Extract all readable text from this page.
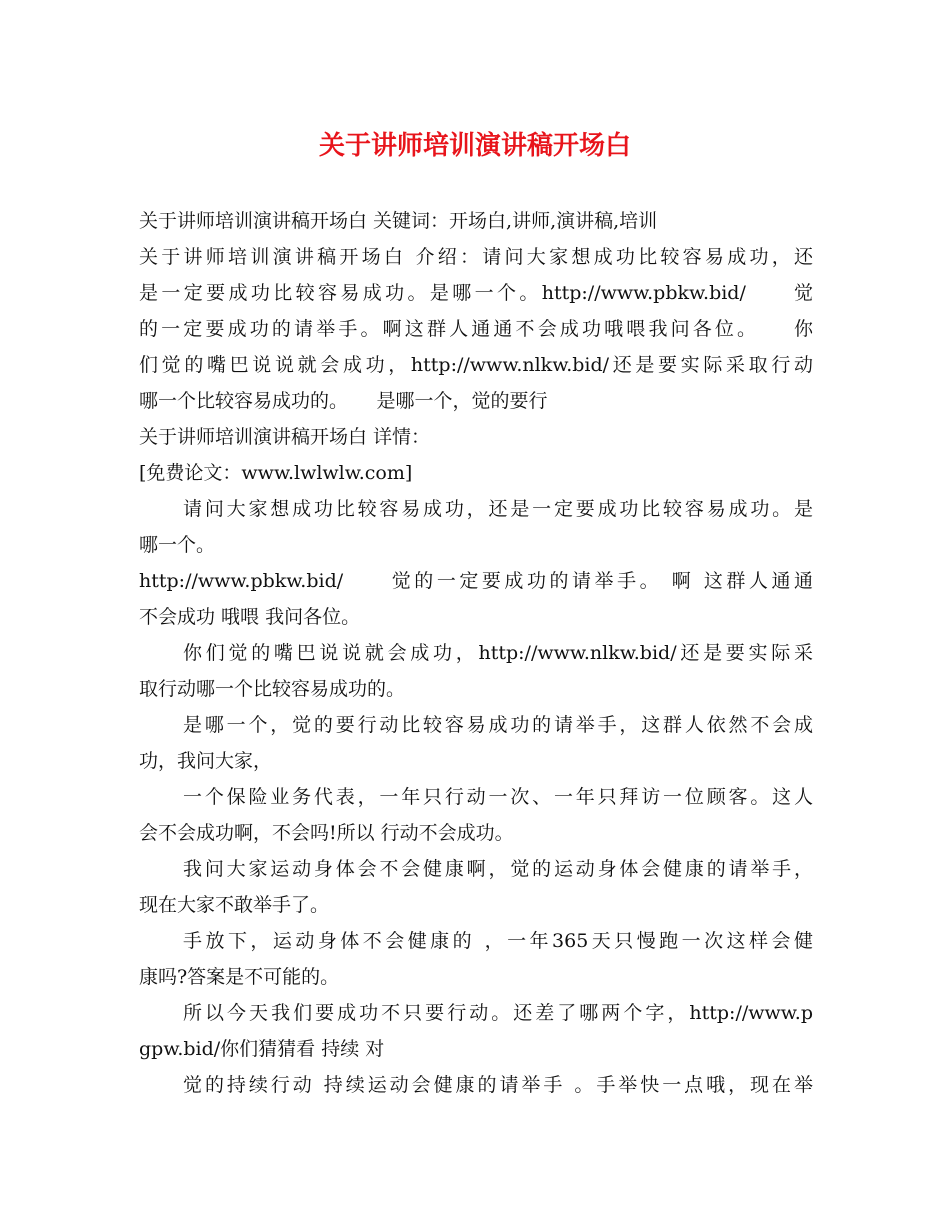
关于讲师培训演讲稿开场白
关于讲师培训演讲稿开场白 关键词：开场白,讲师,演讲稿,培训
关于讲师培训演讲稿开场白 介绍：请问大家想成功比较容易成功，还
是一定要成功比较容易成功。是哪一个。http://www.pbkw.bid/　　觉
的一定要成功的请举手。啊这群人通通不会成功哦喂我问各位。　　你
们觉的嘴巴说说就会成功，http://www.nlkw.bid/还是要实际采取行动
哪一个比较容易成功的。　　是哪一个，觉的要行
关于讲师培训演讲稿开场白 详情：
[免费论文：www.lwlwlw.com]
请问大家想成功比较容易成功，还是一定要成功比较容易成功。是
哪一个。
http://www.pbkw.bid/　　觉的一定要成功的请举手。 啊 这群人通通
不会成功 哦喂 我问各位。
你们觉的嘴巴说说就会成功，http://www.nlkw.bid/还是要实际采
取行动哪一个比较容易成功的。
是哪一个，觉的要行动比较容易成功的请举手，这群人依然不会成
功，我问大家，
一个保险业务代表，一年只行动一次、一年只拜访一位顾客。这人
会不会成功啊，不会吗!所以 行动不会成功。
我问大家运动身体会不会健康啊，觉的运动身体会健康的请举手，
现在大家不敢举手了。
手放下，运动身体不会健康的 ，一年365天只慢跑一次这样会健
康吗?答案是不可能的。
所以今天我们要成功不只要行动。还差了哪两个字，http://www.p
gpw.bid/你们猜猜看 持续 对
觉的持续行动 持续运动会健康的请举手 。手举快一点哦，现在举
